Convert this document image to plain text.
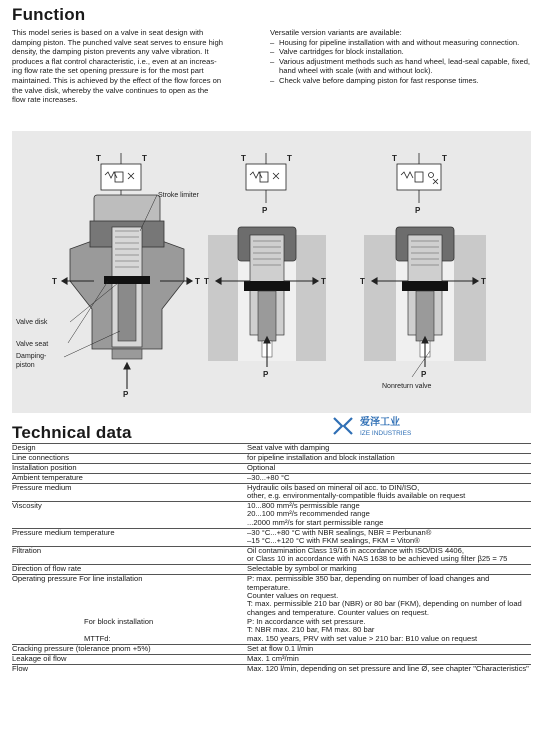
Function
This model series is based on a valve in seat design with
damping piston. The punched valve seat serves to ensure high
density, the damping piston prevents any valve vibration. It
produces a flat control characteristic, i.e., even at an increas-
ing flow rate the set opening pressure is for the most part
maintained. This is achieved by the effect of the flow forces on
the valve disk, whereby the valve continues to open as the
flow rate increases.
Versatile version variants are available:
– Housing for pipeline installation with and without measuring connection.
– Valve cartridges for block installation.
– Various adjustment methods such as hand wheel, lead-seal capable, fixed, hand wheel with scale (with and without lock).
– Check valve before damping piston for fast response times.
T	T	T	T
P
T	T
P
T	T
P
T	T
P
T	T
P
Stroke limiter
Valve disk
Valve seat
Damping-
piston
Nonreturn valve
爱泽工业
IZE INDUSTRIES
Technical data
Design	Seat valve with damping
Line connections	for pipeline installation and block installation
Installation position	Optional
Ambient temperature	–30...+80 °C
Pressure medium	Hydraulic oils based on mineral oil acc. to DIN/ISO,
other, e.g. environmentally-compatible fluids available on request
Viscosity	10...800 mm²/s permissible range
20...100 mm²/s recommended range
...2000 mm²/s for start permissible range
Pressure medium temperature	–30 °C...+80 °C with NBR sealings, NBR = Perbunan®
–15 °C...+120 °C with FKM sealings, FKM = Viton®
Filtration	Oil contamination Class 19/16 in accordance with ISO/DIS 4406,
or Class 10 in accordance with NAS 1638 to be achieved using filter β25 = 75
Direction of flow rate	Selectable by symbol or marking
Operating pressure For line installation	P: max. permissible 350 bar, depending on number of load changes and temperature.
Counter values on request.
T: max. permissible 210 bar (NBR) or 80 bar (FKM), depending on number of load
changes and temperature. Counter values on request.
For block installation	P: In accordance with set pressure.
T: NBR max. 210 bar, FM max. 80 bar
MTTFd:	max. 150 years, PRV with set value > 210 bar: B10 value on request
Cracking pressure (tolerance pnom +5%)	Set at flow 0.1 l/min

Leakage oil flow	Max. 1 cm³/min
Flow	Max. 120 l/min, depending on set pressure and line Ø, see chapter "Characteristics"
